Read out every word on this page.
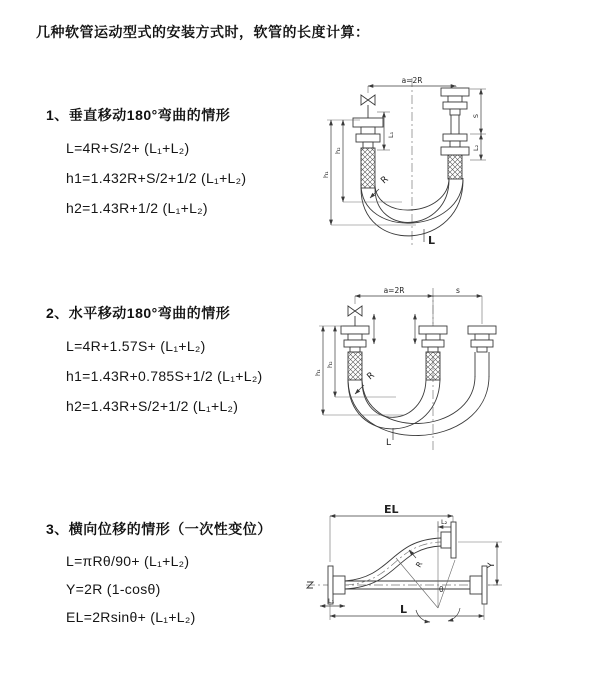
几种软管运动型式的安装方式时，软管的长度计算：

1、垂直移动180°弯曲的情形

L=4R+S/2+ (L₁+L₂)

h1=1.432R+S/2+1/2 (L₁+L₂)

h2=1.43R+1/2 (L₁+L₂)

2、水平移动180°弯曲的情形

L=4R+1.57S+ (L₁+L₂)

h1=1.43R+0.785S+1/2 (L₁+L₂)

h2=1.43R+S/2+1/2 (L₁+L₂)

3、横向位移的情形（一次性变位）

L=πRθ/90+ (L₁+L₂)

Y=2R (1-cosθ)

EL=2Rsinθ+ (L₁+L₂)

a=2R
L₁
S
L₂
h₁
h₂
R
L
a=2R	s
h₁
h₂
R
L
EL
L₂
θ
R	Y
L₁
L
